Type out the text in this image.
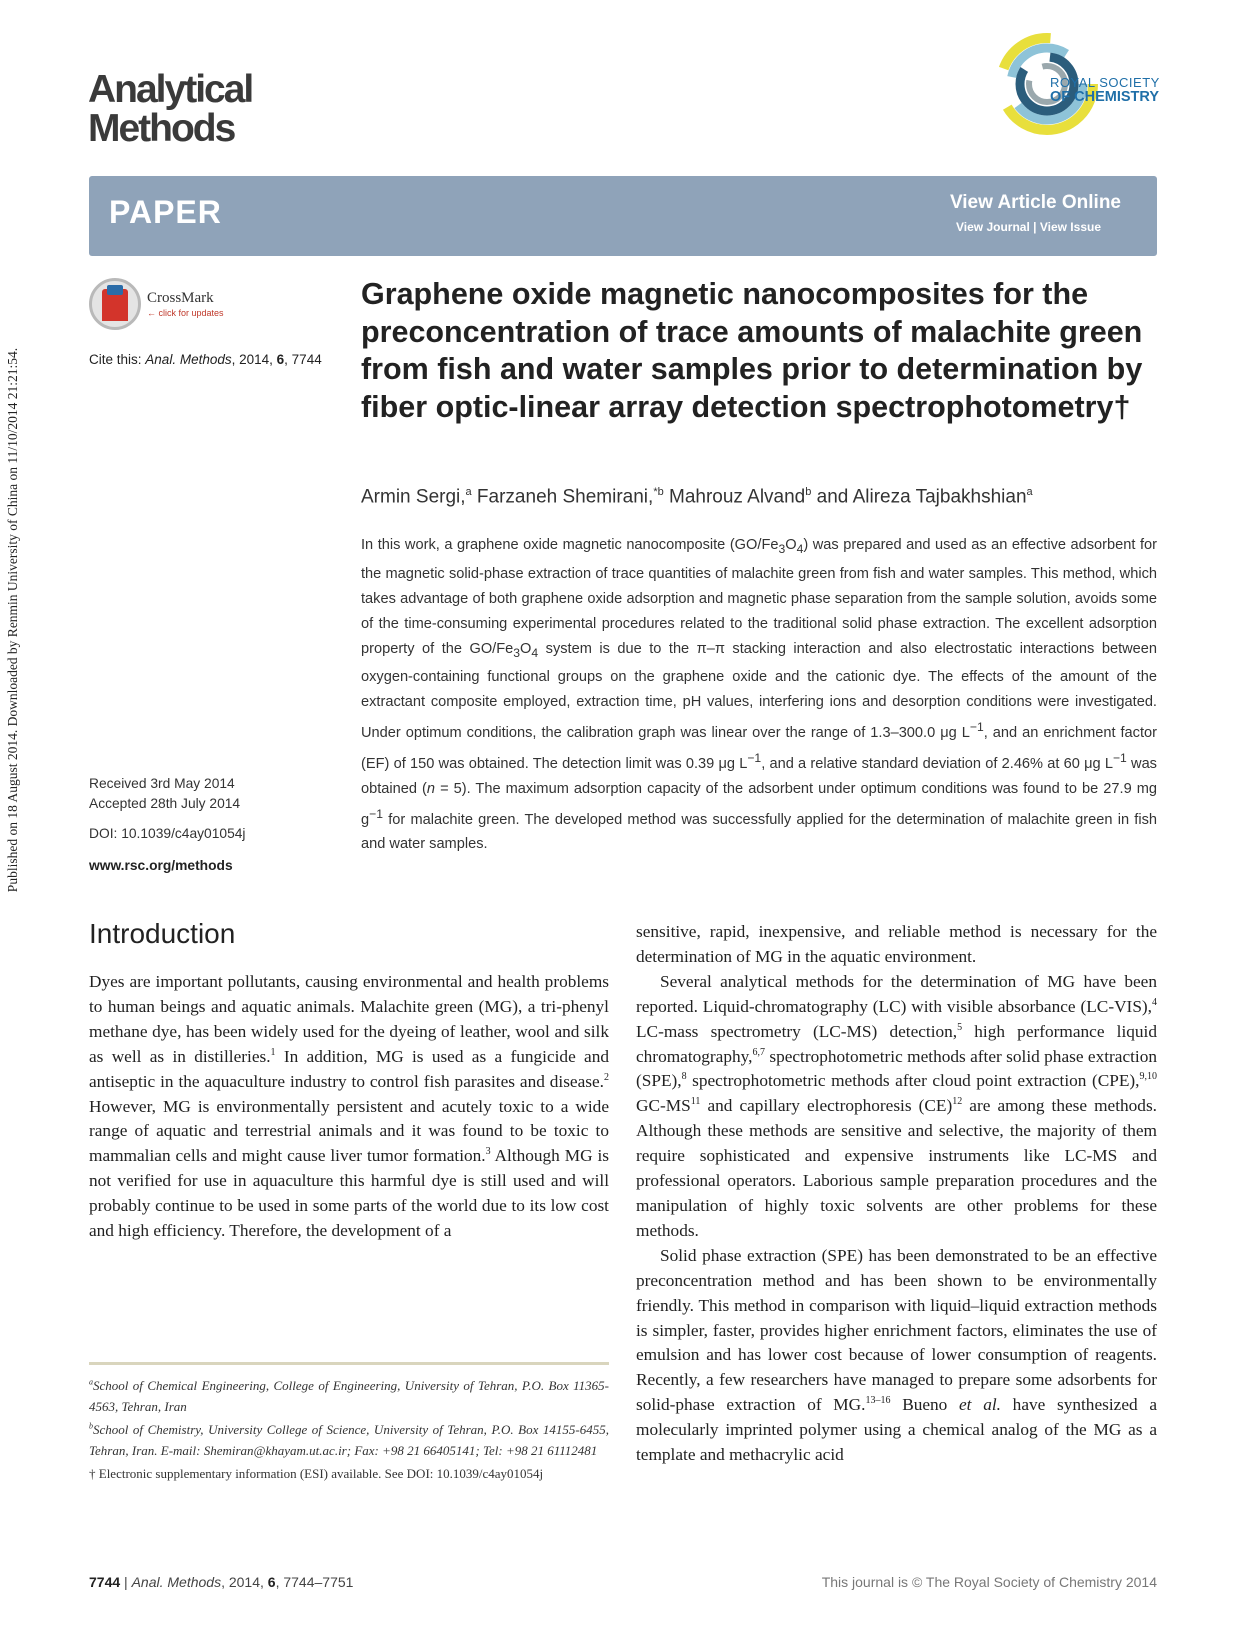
Published on 18 August 2014. Downloaded by Renmin University of China on 11/10/2014 21:21:54.
Analytical
Methods
ROYAL SOCIETY
OF CHEMISTRY
PAPER	View Article Online
View Journal | View Issue
CrossMark
← click for updates
Cite this: Anal. Methods, 2014, 6, 7744
Graphene oxide magnetic nanocomposites for the preconcentration of trace amounts of malachite green from fish and water samples prior to determination by fiber optic-linear array detection spectrophotometry†
Armin Sergi,$^a$ Farzaneh Shemirani,$^{*b}$ Mahrouz Alvand$^b$ and Alireza Tajbakhshian$^a$
In this work, a graphene oxide magnetic nanocomposite $(GO/Fe_3O_4)$ was prepared and used as an effective adsorbent for the magnetic solid-phase extraction of trace quantities of malachite green from fish and water samples. This method, which takes advantage of both graphene oxide adsorption and magnetic phase separation from the sample solution, avoids some of the time-consuming experimental procedures related to the traditional solid phase extraction. The excellent adsorption property of the $GO/Fe_3O_4$ system is due to the π–π stacking interaction and also electrostatic interactions between oxygen-containing functional groups on the graphene oxide and the cationic dye. The effects of the amount of the extractant composite employed, extraction time, pH values, interfering ions and desorption conditions were investigated. Under optimum conditions, the calibration graph was linear over the range of 1.3–300.0 μg $L^{-1}$, and an enrichment factor (EF) of 150 was obtained. The detection limit was 0.39 μg $L^{-1}$, and a relative standard deviation of 2.46% at 60 μg $L^{-1}$ was obtained (n = 5). The maximum adsorption capacity of the adsorbent under optimum conditions was found to be 27.9 mg $g^{-1}$ for malachite green. The developed method was successfully applied for the determination of malachite green in fish and water samples.
Received 3rd May 2014
Accepted 28th July 2014
DOI: 10.1039/c4ay01054j
www.rsc.org/methods
Introduction

Dyes are important pollutants, causing environmental and health problems to human beings and aquatic animals. Malachite green (MG), a tri-phenyl methane dye, has been widely used for the dyeing of leather, wool and silk as well as in distilleries.$^1$ In addition, MG is used as a fungicide and antiseptic in the aquaculture industry to control fish parasites and disease.$^2$ However, MG is environmentally persistent and acutely toxic to a wide range of aquatic and terrestrial animals and it was found to be toxic to mammalian cells and might cause liver tumor formation.$^3$ Although MG is not verified for use in aquaculture this harmful dye is still used and will probably continue to be used in some parts of the world due to its low cost and high efficiency. Therefore, the development of a

sensitive, rapid, inexpensive, and reliable method is necessary for the determination of MG in the aquatic environment.

Several analytical methods for the determination of MG have been reported. Liquid-chromatography (LC) with visible absorbance (LC-VIS),$^4$ LC-mass spectrometry (LC-MS) detection,$^5$ high performance liquid chromatography,$^{6,7}$ spectrophotometric methods after solid phase extraction (SPE),$^8$ spectrophotometric methods after cloud point extraction (CPE),$^{9,10}$ GC-MS$^{11}$ and capillary electrophoresis (CE)$^{12}$ are among these methods. Although these methods are sensitive and selective, the majority of them require sophisticated and expensive instruments like LC-MS and professional operators. Laborious sample preparation procedures and the manipulation of highly toxic solvents are other problems for these methods.

Solid phase extraction (SPE) has been demonstrated to be an effective preconcentration method and has been shown to be environmentally friendly. This method in comparison with liquid–liquid extraction methods is simpler, faster, provides higher enrichment factors, eliminates the use of emulsion and has lower cost because of lower consumption of reagents. Recently, a few researchers have managed to prepare some adsorbents for solid-phase extraction of MG.$^{13-16}$ Bueno et al. have synthesized a molecularly imprinted polymer using a chemical analog of the MG as a template and methacrylic acid

$^a$School of Chemical Engineering, College of Engineering, University of Tehran, P.O. Box 11365-4563, Tehran, Iran

$^b$School of Chemistry, University College of Science, University of Tehran, P.O. Box 14155-6455, Tehran, Iran. E-mail: Shemiran@khayam.ut.ac.ir; Fax: +98 21 66405141; Tel: +98 21 61112481

† Electronic supplementary information (ESI) available. See DOI: 10.1039/c4ay01054j

7744 | Anal. Methods, 2014, 6, 7744–7751	This journal is © The Royal Society of Chemistry 2014
